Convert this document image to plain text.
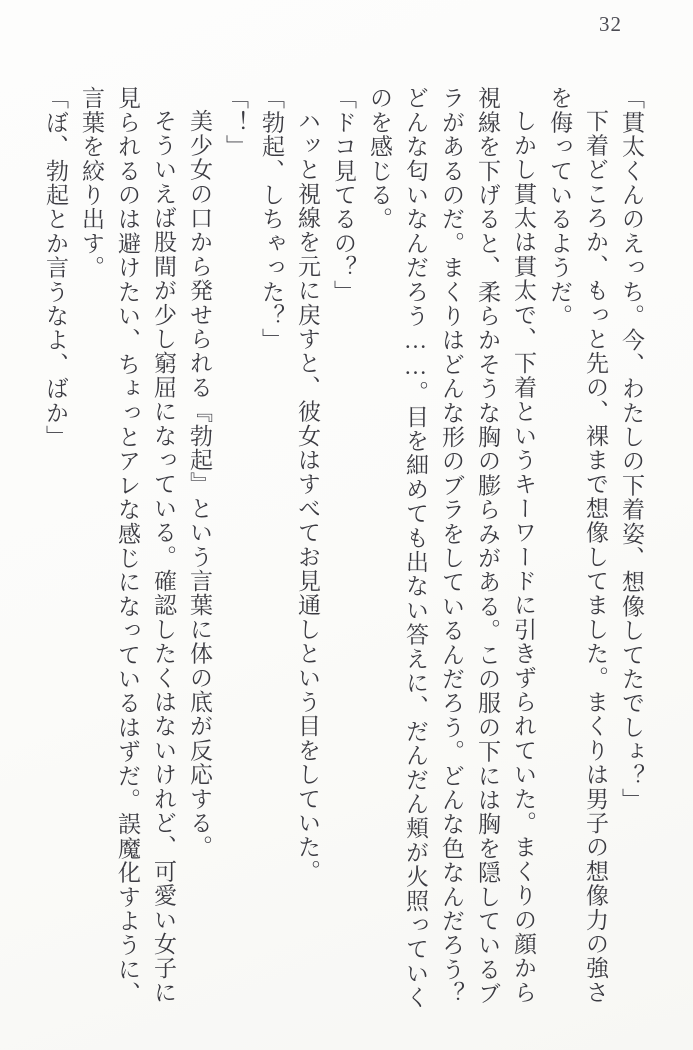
32

「貫太くんのえっち。今、わたしの下着姿、想像してたでしょ？」

下着どころか、もっと先の、裸まで想像してました。まくりは男子の想像力の強さを侮っているようだ。

しかし貫太は貫太で、下着というキーワードに引きずられていた。まくりの顔から視線を下げると、柔らかそうな胸の膨らみがある。この服の下には胸を隠しているブラがあるのだ。まくりはどんな形のブラをしているんだろう。どんな色なんだろう？どんな匂いなんだろう……。目を細めても出ない答えに、だんだん頬が火照っていくのを感じる。

「ドコ見てるの？」

ハッと視線を元に戻すと、彼女はすべてお見通しという目をしていた。

「勃起、しちゃった？」

「！」

美少女の口から発せられる『勃起』という言葉に体の底が反応する。

そういえば股間が少し窮屈になっている。確認したくはないけれど、可愛い女子に見られるのは避けたい、ちょっとアレな感じになっているはずだ。誤魔化すように、言葉を絞り出す。

「ぼ、勃起とか言うなよ、ばか」
